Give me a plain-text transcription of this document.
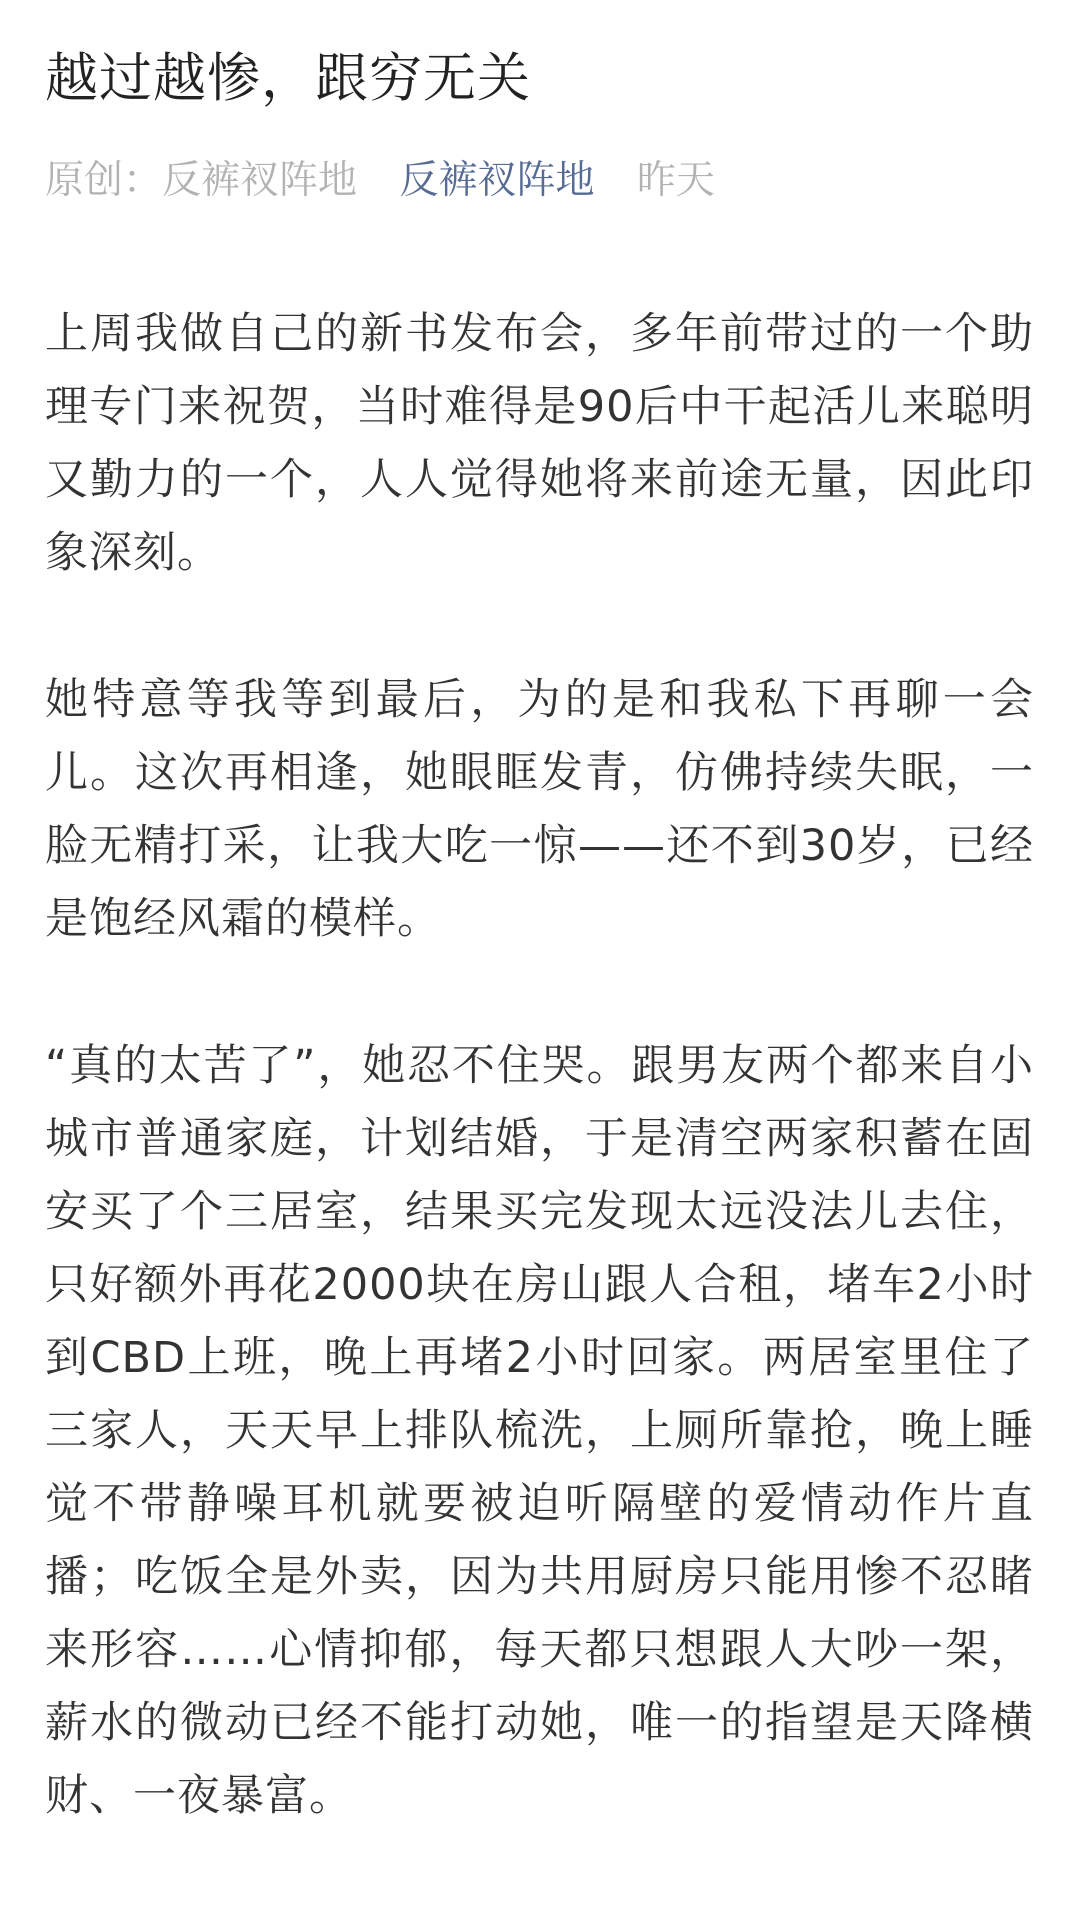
越过越惨，跟穷无关
原创：反裤衩阵地 反裤衩阵地 昨天

上周我做自己的新书发布会，多年前带过的一个助理专门来祝贺，当时难得是90后中干起活儿来聪明又勤力的一个，人人觉得她将来前途无量，因此印象深刻。

她特意等我等到最后，为的是和我私下再聊一会儿。这次再相逢，她眼眶发青，仿佛持续失眠，一脸无精打采，让我大吃一惊——还不到30岁，已经是饱经风霜的模样。

“真的太苦了”，她忍不住哭。跟男友两个都来自小城市普通家庭，计划结婚，于是清空两家积蓄在固安买了个三居室，结果买完发现太远没法儿去住，只好额外再花2000块在房山跟人合租，堵车2小时到CBD上班，晚上再堵2小时回家。两居室里住了三家人，天天早上排队梳洗，上厕所靠抢，晚上睡觉不带静噪耳机就要被迫听隔壁的爱情动作片直播；吃饭全是外卖，因为共用厨房只能用惨不忍睹来形容……心情抑郁，每天都只想跟人大吵一架，薪水的微动已经不能打动她，唯一的指望是天降横财、一夜暴富。
